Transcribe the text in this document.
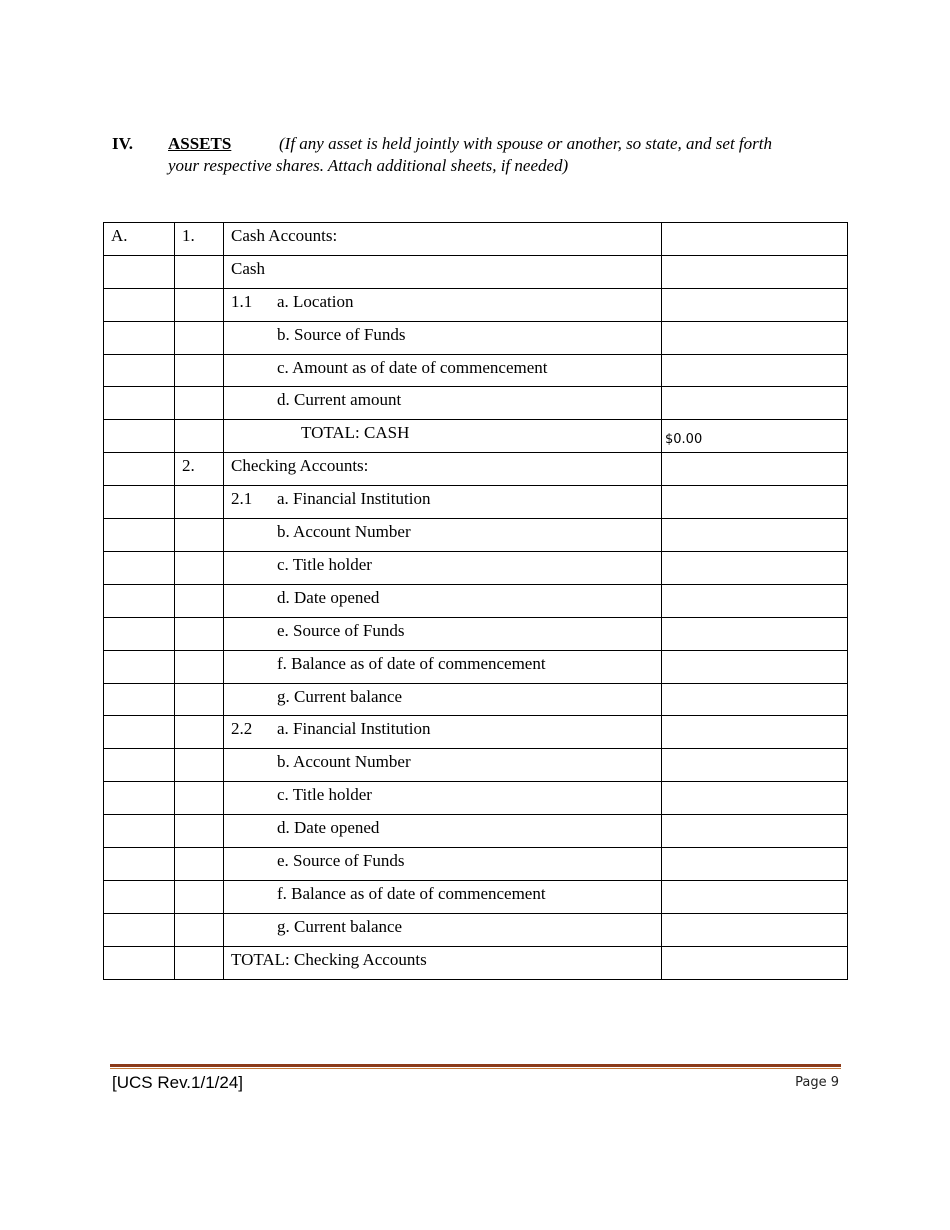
IV. ASSETS	(If any asset is held jointly with spouse or another, so state, and set forth
your respective shares. Attach additional sheets, if needed)
A.	1.	Cash Accounts:	
		Cash	
		1.1 a. Location	
		b. Source of Funds	
		c. Amount as of date of commencement	
		d. Current amount	
		TOTAL: CASH	$0.00
	2.	Checking Accounts:	
		2.1 a. Financial Institution	
		b. Account Number	
		c. Title holder	
		d. Date opened	
		e. Source of Funds	
		f. Balance as of date of commencement	
		g. Current balance	
		2.2 a. Financial Institution	
		b. Account Number	
		c. Title holder	
		d. Date opened	
		e. Source of Funds	
		f. Balance as of date of commencement	
		g. Current balance	
		TOTAL: Checking Accounts	
[UCS Rev.1/1/24]	Page 9
